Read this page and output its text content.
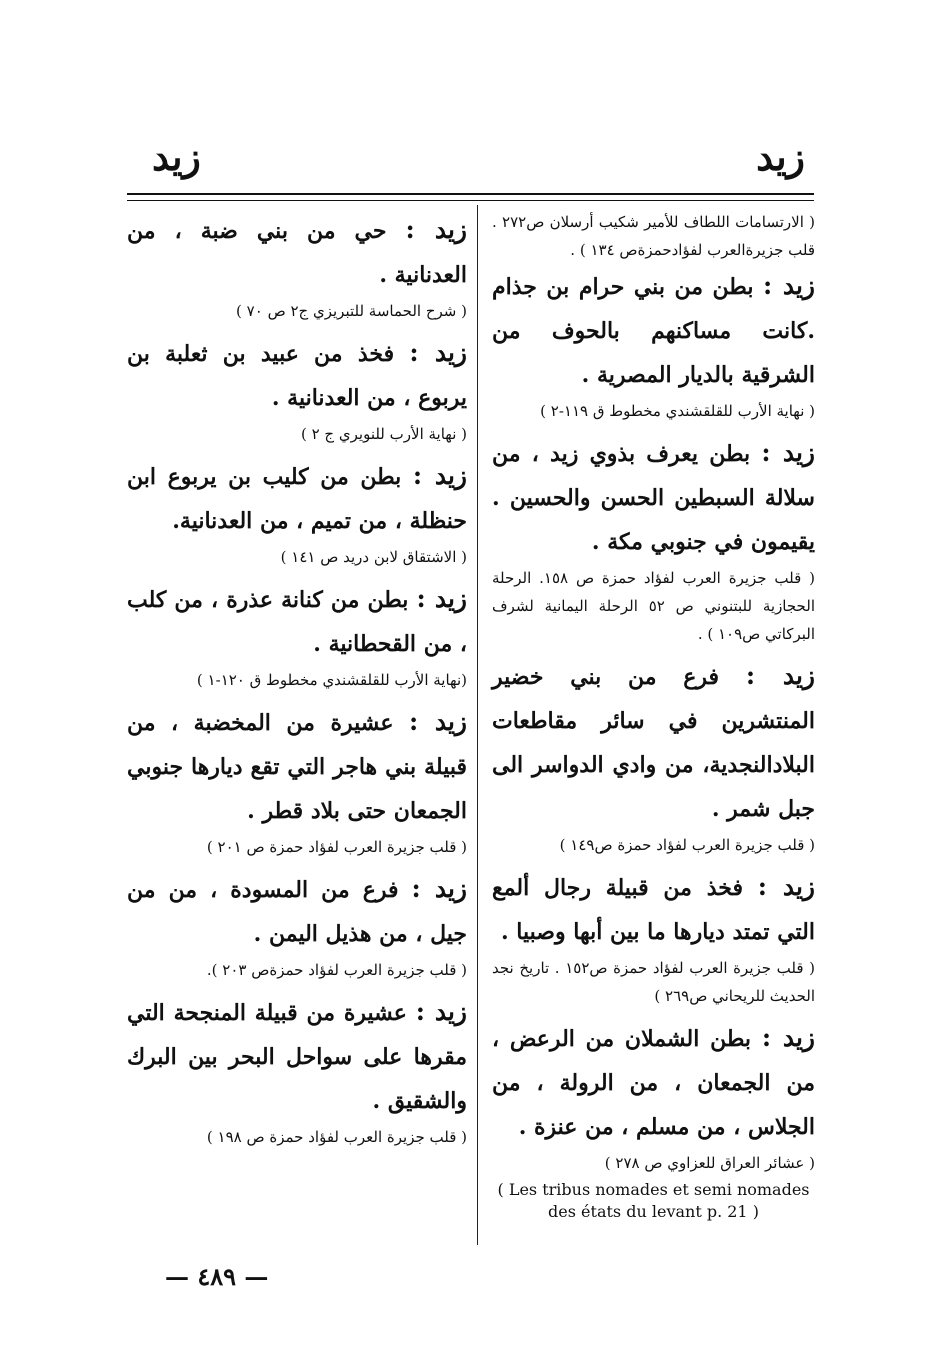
زيد
زيد
( الارتسامات اللطاف للأمير شكيب أرسلان ص٢٧٢ . قلب جزيرةالعرب لفؤادحمزةص ١٣٤ ) .
زيد : بطن من بني حرام بن جذام .كانت مساكنهم بالحوف من الشرقية بالديار المصرية .
( نهاية الأرب للقلقشندي مخطوط ق ١١٩-٢ )
زيد : بطن يعرف بذوي زيد ، من سلالة السبطين الحسن والحسين . يقيمون في جنوبي مكة .
( قلب جزيرة العرب لفؤاد حمزة ص ١٥٨. الرحلة الحجازية للبتنوني ص ٥٢ الرحلة اليمانية لشرف البركاتي ص١٠٩ ) .
زيد : فرع من بني خضير المنتشرين في سائر مقاطعات البلادالنجدية، من وادي الدواسر الى جبل شمر .
( قلب جزيرة العرب لفؤاد حمزة ص١٤٩ )
زيد : فخذ من قبيلة رجال ألمع التي تمتد ديارها ما بين أبها وصبيا .
( قلب جزيرة العرب لفؤاد حمزة ص١٥٢ . تاريخ نجد الحديث للريحاني ص٢٦٩ )
زيد : بطن الشملان من الرعض ، من الجمعان ، من الرولة ، من الجلاس ، من مسلم ، من عنزة .
( عشائر العراق للعزاوي ص ٢٧٨ )
( Les tribus nomades et semi nomades des états du levant p. 21 )
زيد : حي من بني ضبة ، من العدنانية .
( شرح الحماسة للتبريزي ج٢ ص ٧٠ )
زيد : فخذ من عبيد بن ثعلبة بن يربوع ، من العدنانية .
( نهاية الأرب للنويري ج ٢ )
زيد : بطن من كليب بن يربوع ابن حنظلة ، من تميم ، من العدنانية.
( الاشتقاق لابن دريد ص ١٤١ )
زيد : بطن من كنانة عذرة ، من كلب ، من القحطانية .
(نهاية الأرب للقلقشندي مخطوط ق ١٢٠-١ )
زيد : عشيرة من المخضبة ، من قبيلة بني هاجر التي تقع ديارها جنوبي الجمعان حتى بلاد قطر .
( قلب جزيرة العرب لفؤاد حمزة ص ٢٠١ )
زيد : فرع من المسودة ، من من جيل ، من هذيل اليمن .
( قلب جزيرة العرب لفؤاد حمزةص ٢٠٣ ).
زيد : عشيرة من قبيلة المنجحة التي مقرها على سواحل البحر بين البرك والشقيق .
( قلب جزيرة العرب لفؤاد حمزة ص ١٩٨ )
— ٤٨٩ —
